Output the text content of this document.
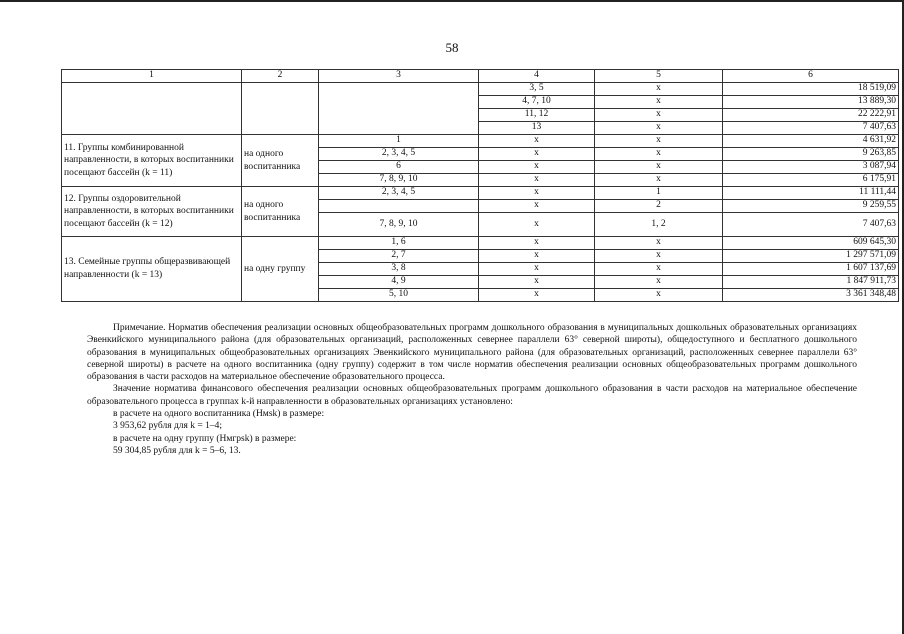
58
1	2	3	4	5	6
			3, 5	x	18 519,09
			4, 7, 10	x	13 889,30
			11, 12	x	22 222,91
			13	x	7 407,63
11. Группы комбинированной направленности, в которых воспитанники посещают бассейн (k = 11)	на одного воспитанника	1	x	x	4 631,92
		2, 3, 4, 5	x	x	9 263,85
		6	x	x	3 087,94
		7, 8, 9, 10	x	x	6 175,91
12. Группы оздоровительной направленности, в которых воспитанники посещают бассейн (k = 12)	на одного воспитанника	2, 3, 4, 5	x	1	11 111,44
			x	2	9 259,55
		7, 8, 9, 10	x	1, 2	7 407,63
13. Семейные группы общеразвивающей направленности (k = 13)	на одну группу	1, 6	x	x	609 645,30
		2, 7	x	x	1 297 571,09
		3, 8	x	x	1 607 137,69
		4, 9	x	x	1 847 911,73
		5, 10	x	x	3 361 348,48

Примечание. Норматив обеспечения реализации основных общеобразовательных программ дошкольного образования в муниципальных дошкольных образовательных организациях Эвенкийского муниципального района (для образовательных организаций, расположенных севернее параллели 63° северной широты), общедоступного и бесплатного дошкольного образования в муниципальных общеобразовательных организациях Эвенкийского муниципального района (для образовательных организаций, расположенных севернее параллели 63° северной широты) в расчете на одного воспитанника (одну группу) содержит в том числе норматив обеспечения реализации основных общеобразовательных программ дошкольного образования в части расходов на материальное обеспечение образовательного процесса.

Значение норматива финансового обеспечения реализации основных общеобразовательных программ дошкольного образования в части расходов на материальное обеспечение образовательного процесса в группах k-й направленности в образовательных организациях установлено:

в расчете на одного воспитанника (Нмsk) в размере:

3 953,62 рубля для k = 1–4;

в расчете на одну группу (Нмгрsk) в размере:

59 304,85 рубля для k = 5–6, 13.
